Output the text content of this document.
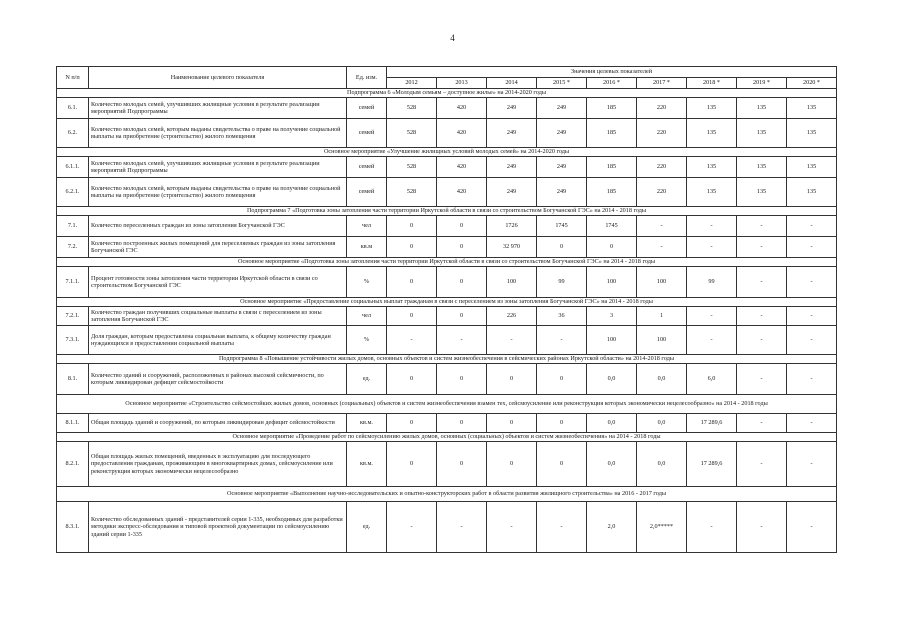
4
N п/п	Наименование целевого показателя	Ед. изм.	Значения целевых показателей								
			2012	2013	2014	2015 *	2016 *	2017 *	2018 *	2019 *	2020 *
Подпрограмма 6 «Молодым семьям – доступное жилье» на 2014-2020 годы											
6.1.	Количество молодых семей, улучшивших жилищные условия в результате реализации мероприятий Подпрограммы	семей	528	420	249	249	185	220	135	135	135
6.2.	Количество молодых семей, которым выданы свидетельства о праве на получение социальной выплаты на приобретение (строительство) жилого помещения	семей	528	420	249	249	185	220	135	135	135
Основное мероприятие «Улучшение жилищных условий молодых семей» на 2014-2020 годы											
6.1.1.	Количество молодых семей, улучшивших жилищные условия в результате реализации мероприятий Подпрограммы	семей	528	420	249	249	185	220	135	135	135
6.2.1.	Количество молодых семей, которым выданы свидетельства о праве на получение социальной выплаты на приобретение (строительство) жилого помещения	семей	528	420	249	249	185	220	135	135	135
Подпрограмма 7 «Подготовка зоны затопления части территории Иркутской области в связи со строительством Богучанской ГЭС» на 2014 - 2018 годы											
7.1.	Количество переселенных граждан из зоны затопления Богучанской ГЭС	чел	0	0	1726	1745	1745	-	-	-	-
7.2.	Количество построенных жилых помещений для переселяемых граждан из зоны затопления Богучанской ГЭС	кв.м	0	0	32 970	0	0	-	-	-	-
Основное мероприятие «Подготовка зоны затопления части территории Иркутской области в связи со строительством Богучанской ГЭС» на 2014 - 2018 годы											
7.1.1.	Процент готовности зоны затопления части территории Иркутской области в связи со строительством Богучанской ГЭС	%	0	0	100	99	100	100	99	-	-
Основное мероприятие «Предоставление социальных выплат гражданам в связи с переселением из зоны затопления Богучанской ГЭС» на 2014 - 2018 годы											
7.2.1.	Количество граждан получивших социальные выплаты в связи с переселением из зоны затопления Богучанской ГЭС	чел	0	0	226	36	3	1	-	-	-
7.3.1.	Доля граждан, которым предоставлена социальная выплата, к общему количеству граждан нуждающихся в предоставлении социальной выплаты	%	-	-	-	-	100	100	-	-	-
Подпрограмма 8 «Повышение устойчивости жилых домов, основных объектов и систем жизнеобеспечения в сейсмических районах Иркутской области» на 2014-2018 годы											
8.1.	Количество зданий и сооружений, расположенных в районах высокой сейсмичности, по которым ликвидирован дефицит сейсмостойкости	ед.	0	0	0	0	0,0	0,0	6,0	-	-
Основное мероприятие «Строительство сейсмостойких жилых домов, основных (социальных) объектов и систем жизнеобеспечения взамен тех, сейсмоусиление или реконструкция которых экономически нецелесообразно» на 2014 - 2018 годы											
8.1.1.	Общая площадь зданий и сооружений, по которым ликвидирован дефицит сейсмостойкости	кв.м.	0	0	0	0	0,0	0,0	17 289,6	-	-
Основное мероприятие «Проведение работ по сейсмоусилению жилых домов, основных (социальных) объектов и систем жизнеобеспечения» на 2014 - 2018 годы											
8.2.1.	Общая площадь жилых помещений, введенных в эксплуатацию для последующего предоставления гражданам, проживающим в многоквартирных домах, сейсмоусиление или реконструкция которых экономически нецелесообразно	кв.м.	0	0	0	0	0,0	0,0	17 289,6	-	-
Основное мероприятие «Выполнение научно-исследовательских и опытно-конструкторских работ в области развития жилищного строительства» на 2016 - 2017 годы											
8.3.1.	Количество обследованных зданий - представителей серии 1-335, необходимых для разработки методики экспресс-обследования и типовой проектной документации по сейсмоусилению зданий серии 1-335	ед.	-	-	-	-	2,0	2,0*****	-	-	-
